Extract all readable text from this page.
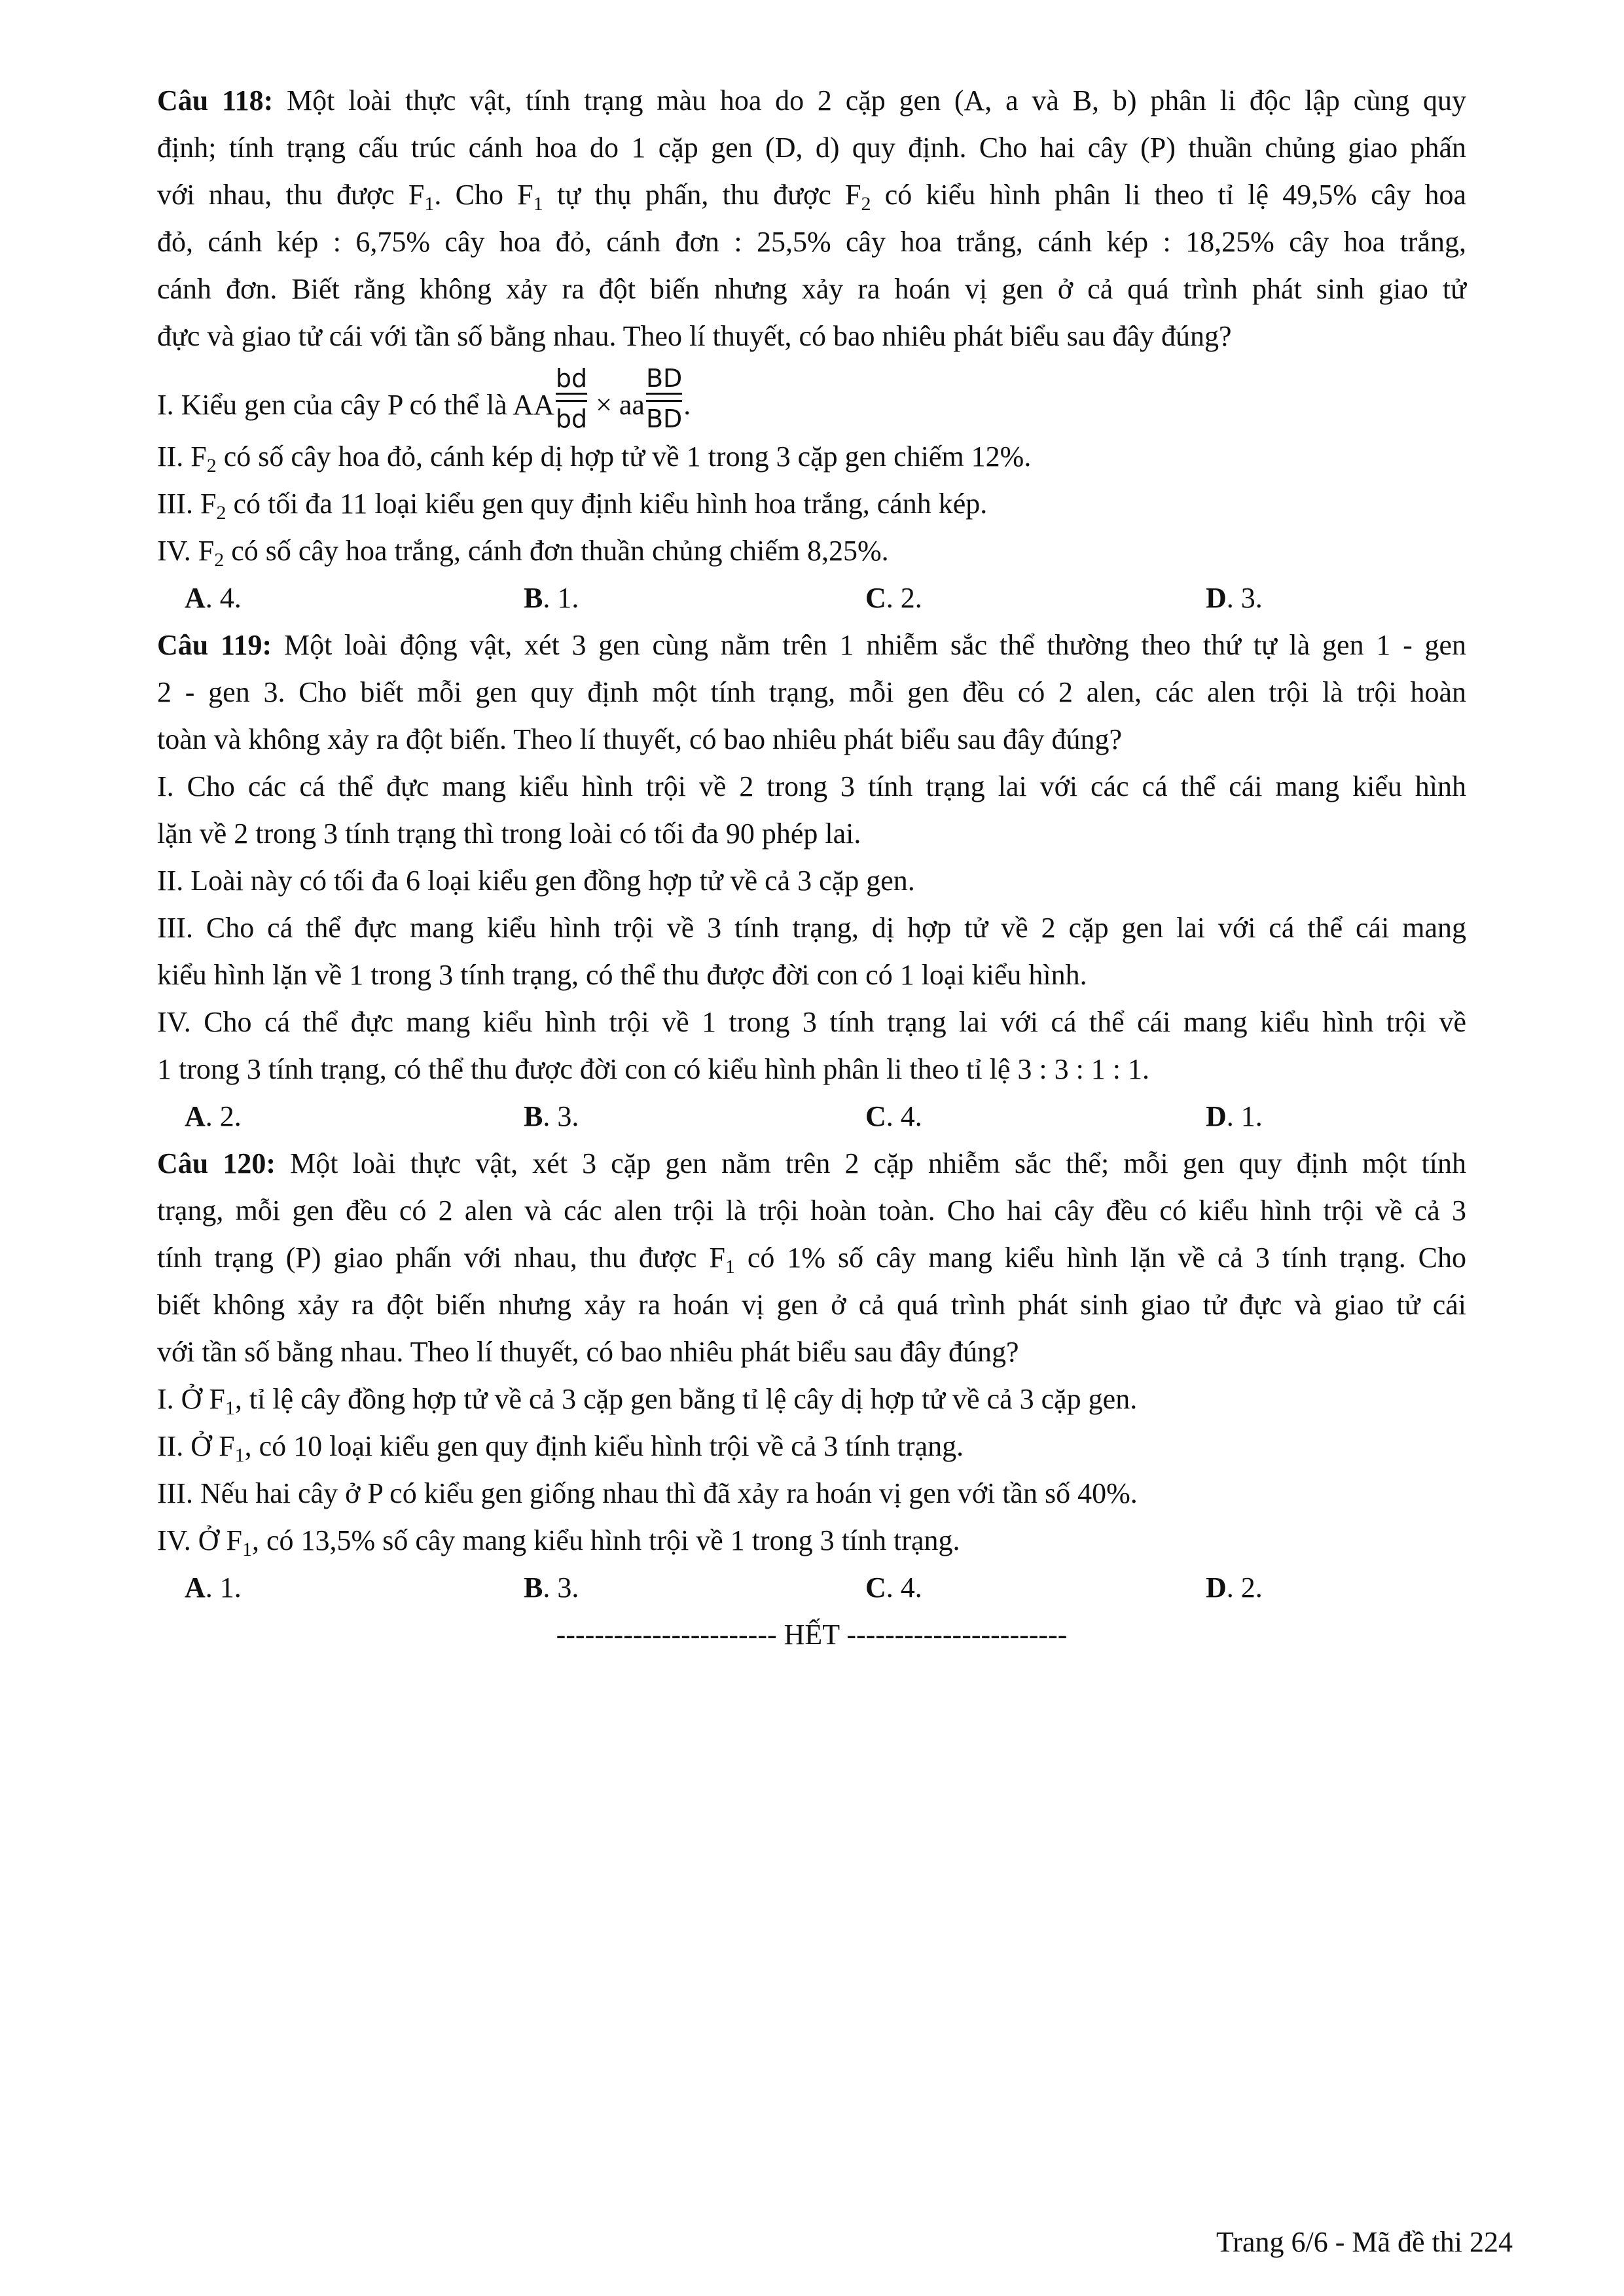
Câu 118: Một loài thực vật, tính trạng màu hoa do 2 cặp gen (A, a và B, b) phân li độc lập cùng quy
định; tính trạng cấu trúc cánh hoa do 1 cặp gen (D, d) quy định. Cho hai cây (P) thuần chủng giao phấn
với nhau, thu được $F_1$. Cho $F_1$ tự thụ phấn, thu được $F_2$ có kiểu hình phân li theo tỉ lệ 49,5% cây hoa
đỏ, cánh kép : 6,75% cây hoa đỏ, cánh đơn : 25,5% cây hoa trắng, cánh kép : 18,25% cây hoa trắng,
cánh đơn. Biết rằng không xảy ra đột biến nhưng xảy ra hoán vị gen ở cả quá trình phát sinh giao tử
đực và giao tử cái với tần số bằng nhau. Theo lí thuyết, có bao nhiêu phát biểu sau đây đúng?
I. Kiểu gen của cây P có thể là AA
bd
bd × aa
BD
BD .
II. $F_2$ có số cây hoa đỏ, cánh kép dị hợp tử về 1 trong 3 cặp gen chiếm 12%.
III. $F_2$ có tối đa 11 loại kiểu gen quy định kiểu hình hoa trắng, cánh kép.
IV. $F_2$ có số cây hoa trắng, cánh đơn thuần chủng chiếm 8,25%.
A. 4.	B. 1.	C. 2.	D. 3.
Câu 119: Một loài động vật, xét 3 gen cùng nằm trên 1 nhiễm sắc thể thường theo thứ tự là gen 1 - gen
2 - gen 3. Cho biết mỗi gen quy định một tính trạng, mỗi gen đều có 2 alen, các alen trội là trội hoàn
toàn và không xảy ra đột biến. Theo lí thuyết, có bao nhiêu phát biểu sau đây đúng?
I. Cho các cá thể đực mang kiểu hình trội về 2 trong 3 tính trạng lai với các cá thể cái mang kiểu hình
lặn về 2 trong 3 tính trạng thì trong loài có tối đa 90 phép lai.
II. Loài này có tối đa 6 loại kiểu gen đồng hợp tử về cả 3 cặp gen.
III. Cho cá thể đực mang kiểu hình trội về 3 tính trạng, dị hợp tử về 2 cặp gen lai với cá thể cái mang
kiểu hình lặn về 1 trong 3 tính trạng, có thể thu được đời con có 1 loại kiểu hình.
IV. Cho cá thể đực mang kiểu hình trội về 1 trong 3 tính trạng lai với cá thể cái mang kiểu hình trội về
1 trong 3 tính trạng, có thể thu được đời con có kiểu hình phân li theo tỉ lệ 3 : 3 : 1 : 1.
A. 2.	B. 3.	C. 4.	D. 1.
Câu 120: Một loài thực vật, xét 3 cặp gen nằm trên 2 cặp nhiễm sắc thể; mỗi gen quy định một tính
trạng, mỗi gen đều có 2 alen và các alen trội là trội hoàn toàn. Cho hai cây đều có kiểu hình trội về cả 3
tính trạng (P) giao phấn với nhau, thu được $F_1$ có 1% số cây mang kiểu hình lặn về cả 3 tính trạng. Cho
biết không xảy ra đột biến nhưng xảy ra hoán vị gen ở cả quá trình phát sinh giao tử đực và giao tử cái
với tần số bằng nhau. Theo lí thuyết, có bao nhiêu phát biểu sau đây đúng?
I. Ở $F_1$, tỉ lệ cây đồng hợp tử về cả 3 cặp gen bằng tỉ lệ cây dị hợp tử về cả 3 cặp gen.
II. Ở $F_1$, có 10 loại kiểu gen quy định kiểu hình trội về cả 3 tính trạng.
III. Nếu hai cây ở P có kiểu gen giống nhau thì đã xảy ra hoán vị gen với tần số 40%.
IV. Ở $F_1$, có 13,5% số cây mang kiểu hình trội về 1 trong 3 tính trạng.
A. 1.	B. 3.	C. 4.	D. 2.
----------------------- HẾT -----------------------
Trang 6/6 - Mã đề thi 224
